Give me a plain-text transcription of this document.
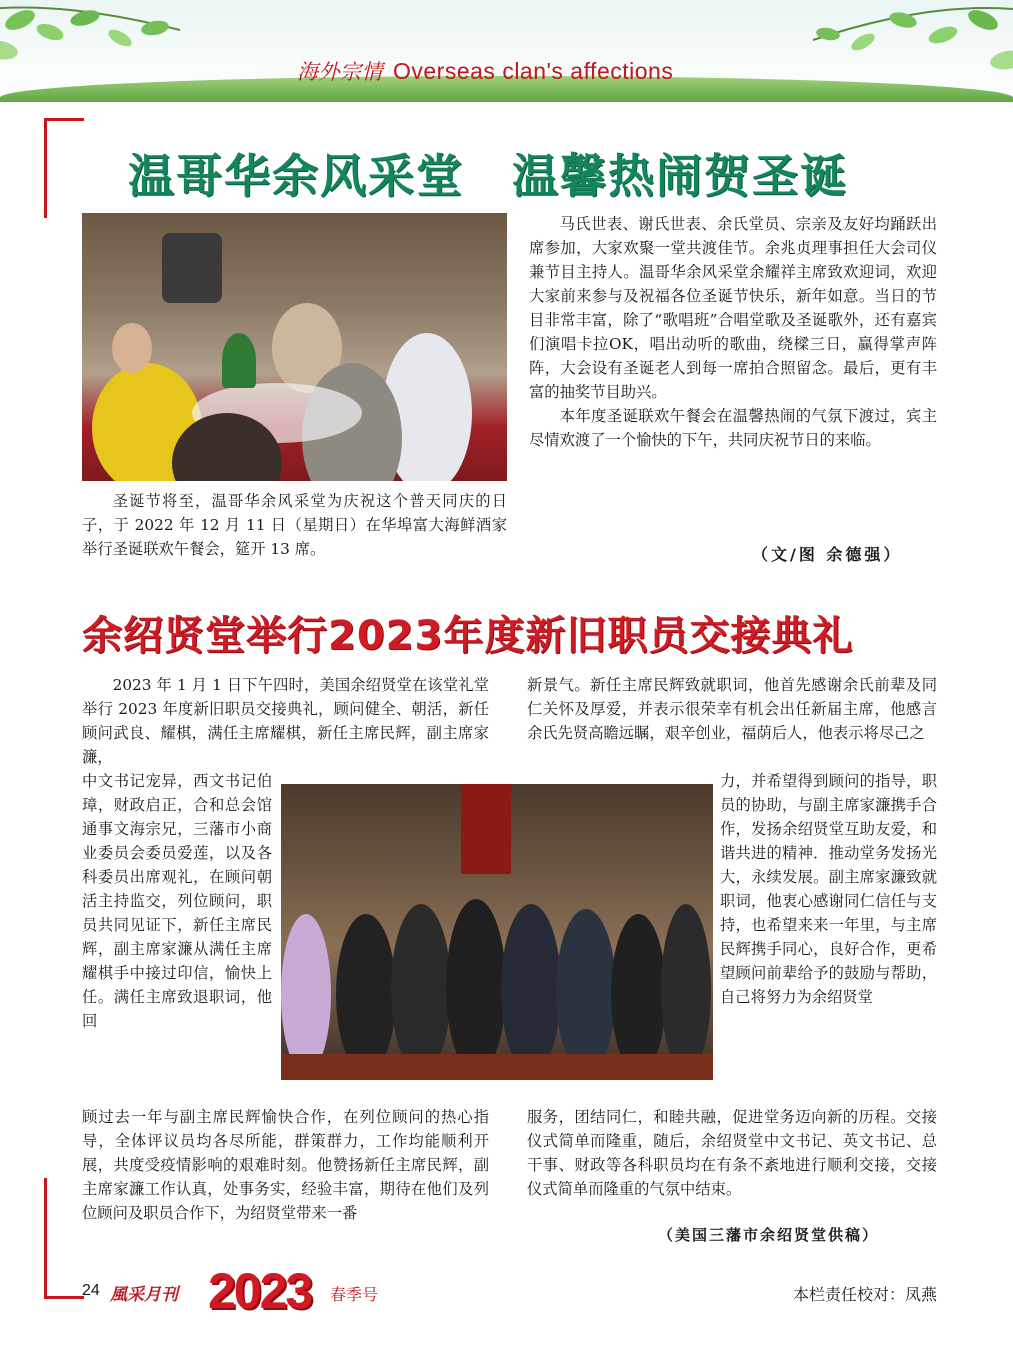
海外宗情 Overseas clan's affections
温哥华余风采堂　温馨热闹贺圣诞

圣诞节将至，温哥华余风采堂为庆祝这个普天同庆的日子，于 2022 年 12 月 11 日（星期日）在华埠富大海鲜酒家举行圣诞联欢午餐会，筵开 13 席。

马氏世表、谢氏世表、余氏堂员、宗亲及友好均踊跃出席参加，大家欢聚一堂共渡佳节。余兆贞理事担任大会司仪兼节目主持人。温哥华余风采堂余耀祥主席致欢迎词，欢迎大家前来参与及祝福各位圣诞节快乐，新年如意。当日的节目非常丰富，除了“歌唱班”合唱堂歌及圣诞歌外，还有嘉宾们演唱卡拉OK，唱出动听的歌曲，绕樑三日，赢得掌声阵阵，大会设有圣诞老人到每一席拍合照留念。最后，更有丰富的抽奖节目助兴。

本年度圣诞联欢午餐会在温馨热闹的气氛下渡过，宾主尽情欢渡了一个愉快的下午，共同庆祝节日的来临。

（文/图 余德强）
余绍贤堂举行2023年度新旧职员交接典礼

2023 年 1 月 1 日下午四时，美国余绍贤堂在该堂礼堂举行 2023 年度新旧职员交接典礼，顾问健全、朝活，新任顾问武良、耀棋，满任主席耀棋，新任主席民辉，副主席家濂，

中文书记宠异，西文书记伯璋，财政启正，合和总会馆通事文海宗兄，三藩市小商业委员会委员爱莲，以及各科委员出席观礼，在顾问朝活主持监交，列位顾问，职员共同见证下，新任主席民辉，副主席家濂从满任主席耀棋手中接过印信，愉快上任。满任主席致退职词，他回
顾过去一年与副主席民辉愉快合作，在列位顾问的热心指导，全体评议员均各尽所能，群策群力，工作均能顺利开展，共度受疫情影响的艰难时刻。他赞扬新任主席民辉，副主席家濂工作认真，处事务实，经验丰富，期待在他们及列位顾问及职员合作下，为绍贤堂带来一番
新景气。新任主席民辉致就职词，他首先感谢余氏前辈及同仁关怀及厚爱，并表示很荣幸有机会出任新届主席，他感言余氏先贤高瞻远瞩，艰辛创业，福荫后人，他表示将尽己之
力，并希望得到顾问的指导，职员的协助，与副主席家濂携手合作，发扬余绍贤堂互助友爱，和谐共进的精神．推动堂务发扬光大，永续发展。副主席家濂致就职词，他衷心感谢同仁信任与支持，也希望来来一年里，与主席民辉携手同心，良好合作，更希望顾问前辈给予的鼓励与帮助，自己将努力为余绍贤堂
服务，团结同仁，和睦共融，促进堂务迈向新的历程。交接仪式简单而隆重，随后，余绍贤堂中文书记、英文书记、总干事、财政等各科职员均在有条不紊地进行顺利交接，交接仪式简单而隆重的气氛中结束。
（美国三藩市余绍贤堂供稿）
24 風采月刊 2023 春季号	本栏责任校对：凤燕
